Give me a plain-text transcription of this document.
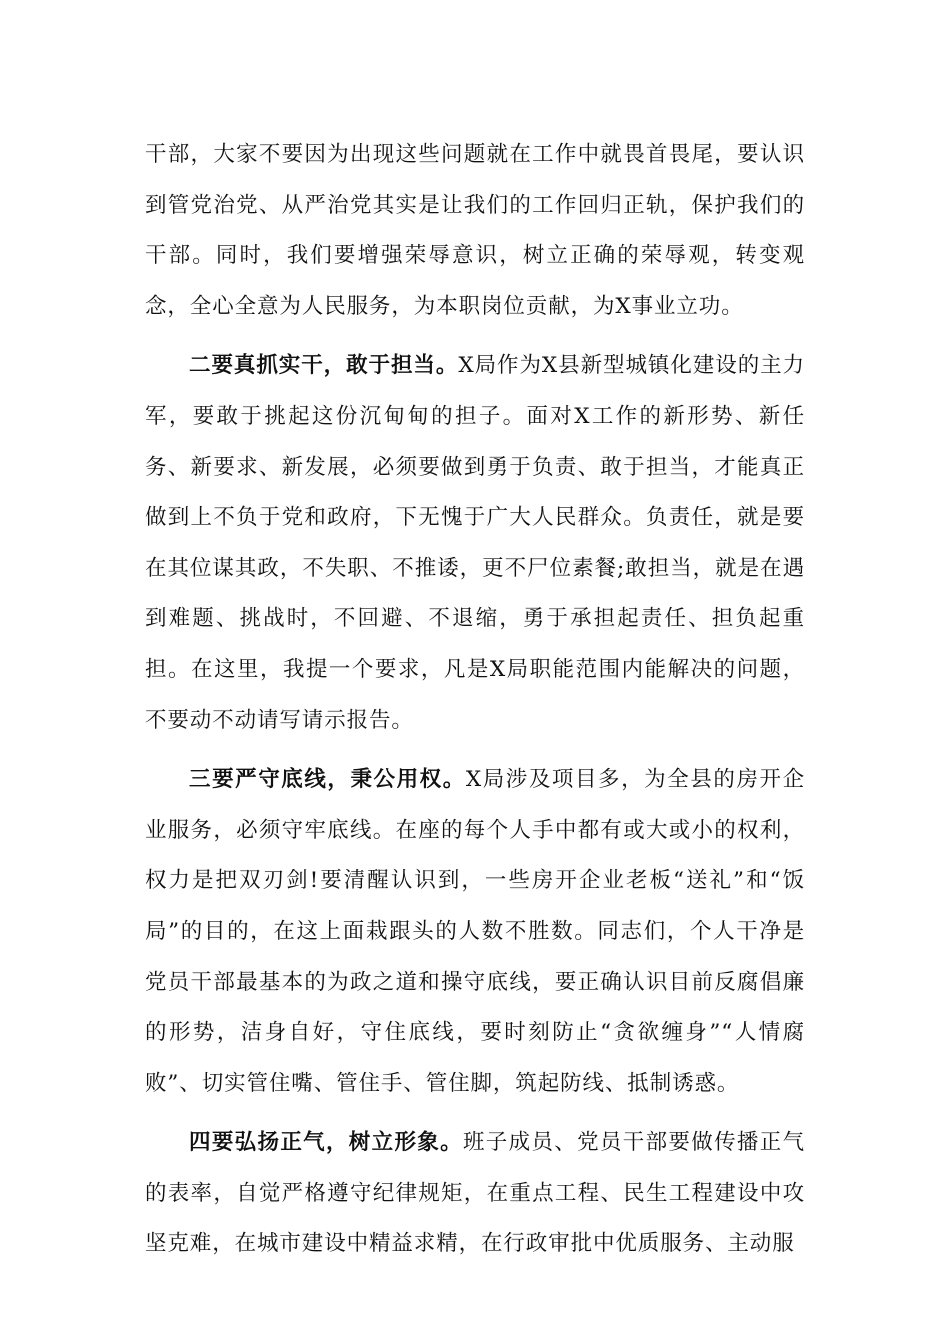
干部，大家不要因为出现这些问题就在工作中就畏首畏尾，要认识到管党治党、从严治党其实是让我们的工作回归正轨，保护我们的干部。同时，我们要增强荣辱意识，树立正确的荣辱观，转变观念，全心全意为人民服务，为本职岗位贡献，为X事业立功。

二要真抓实干，敢于担当。X局作为X县新型城镇化建设的主力军，要敢于挑起这份沉甸甸的担子。面对X工作的新形势、新任务、新要求、新发展，必须要做到勇于负责、敢于担当，才能真正做到上不负于党和政府，下无愧于广大人民群众。负责任，就是要在其位谋其政，不失职、不推诿，更不尸位素餐;敢担当，就是在遇到难题、挑战时，不回避、不退缩，勇于承担起责任、担负起重担。在这里，我提一个要求，凡是X局职能范围内能解决的问题，不要动不动请写请示报告。

三要严守底线，秉公用权。X局涉及项目多，为全县的房开企业服务，必须守牢底线。在座的每个人手中都有或大或小的权利，权力是把双刃剑!要清醒认识到，一些房开企业老板“送礼”和“饭局”的目的，在这上面栽跟头的人数不胜数。同志们，个人干净是党员干部最基本的为政之道和操守底线，要正确认识目前反腐倡廉的形势，洁身自好，守住底线，要时刻防止“贪欲缠身”“人情腐败”、切实管住嘴、管住手、管住脚，筑起防线、抵制诱惑。

四要弘扬正气，树立形象。班子成员、党员干部要做传播正气的表率，自觉严格遵守纪律规矩，在重点工程、民生工程建设中攻坚克难，在城市建设中精益求精，在行政审批中优质服务、主动服
